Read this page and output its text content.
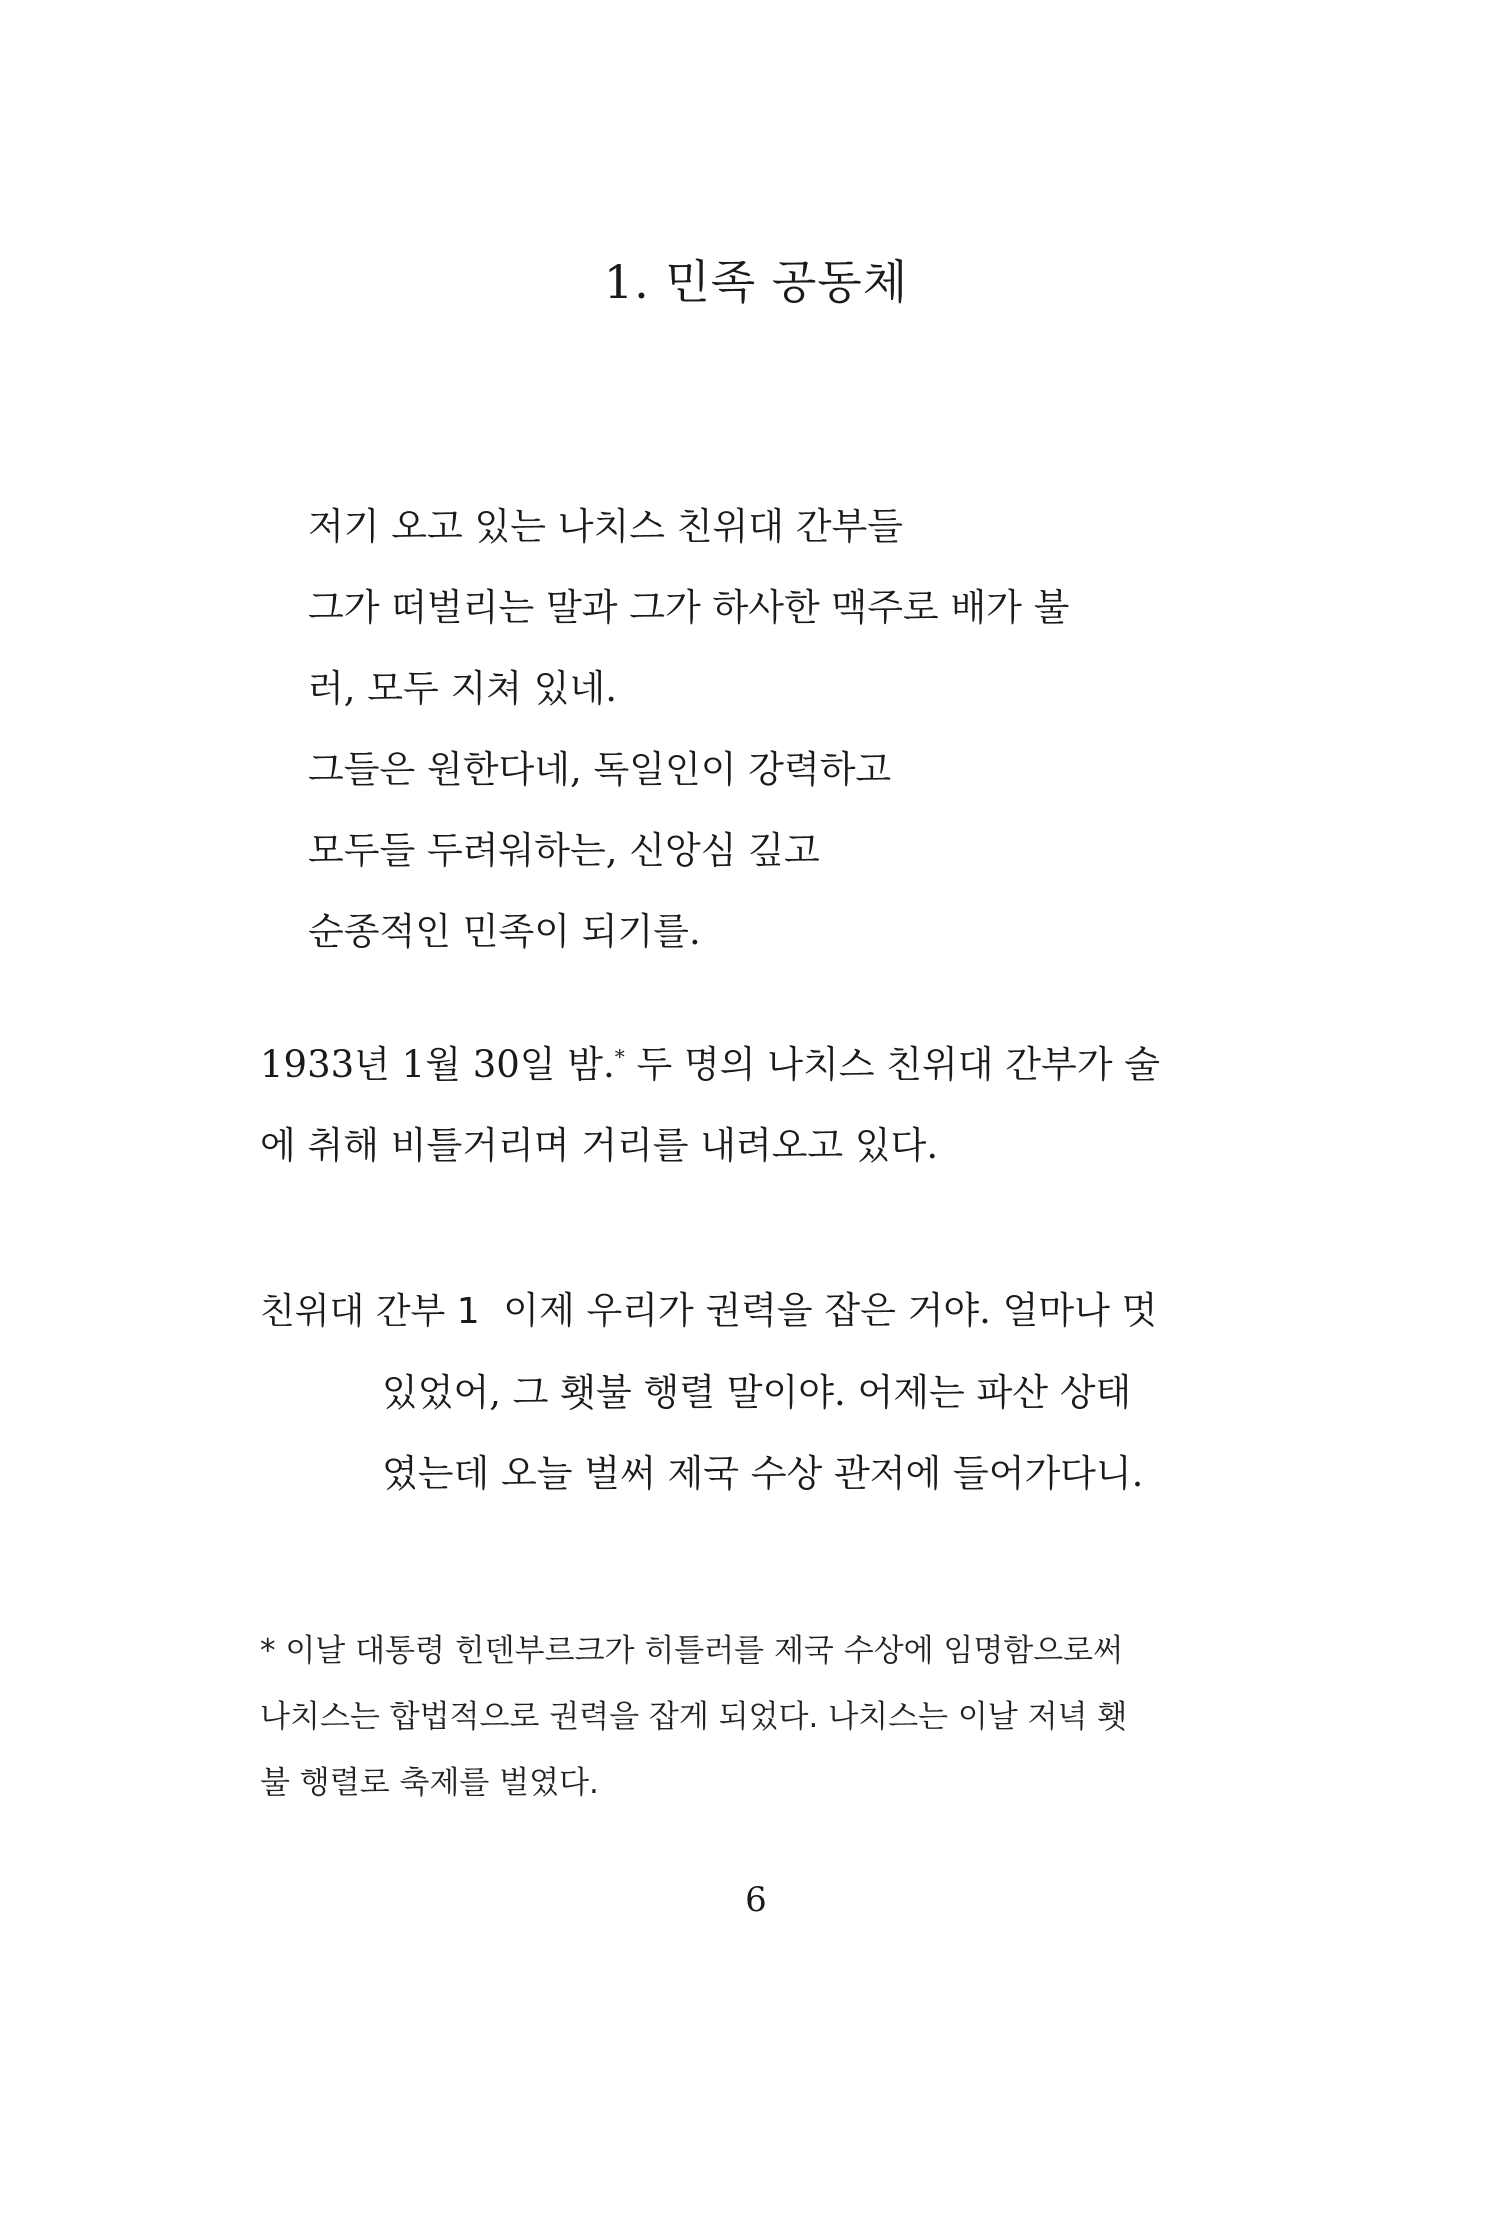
1. 민족 공동체
저기 오고 있는 나치스 친위대 간부들
그가 떠벌리는 말과 그가 하사한 맥주로 배가 불
러, 모두 지쳐 있네.
그들은 원한다네, 독일인이 강력하고
모두들 두려워하는, 신앙심 깊고
순종적인 민족이 되기를.
1933년 1월 30일 밤.* 두 명의 나치스 친위대 간부가 술
에 취해 비틀거리며 거리를 내려오고 있다.
친위대 간부 1 이제 우리가 권력을 잡은 거야. 얼마나 멋
있었어, 그 횃불 행렬 말이야. 어제는 파산 상태
였는데 오늘 벌써 제국 수상 관저에 들어가다니.
* 이날 대통령 힌덴부르크가 히틀러를 제국 수상에 임명함으로써
나치스는 합법적으로 권력을 잡게 되었다. 나치스는 이날 저녁 횃
불 행렬로 축제를 벌였다.
6
